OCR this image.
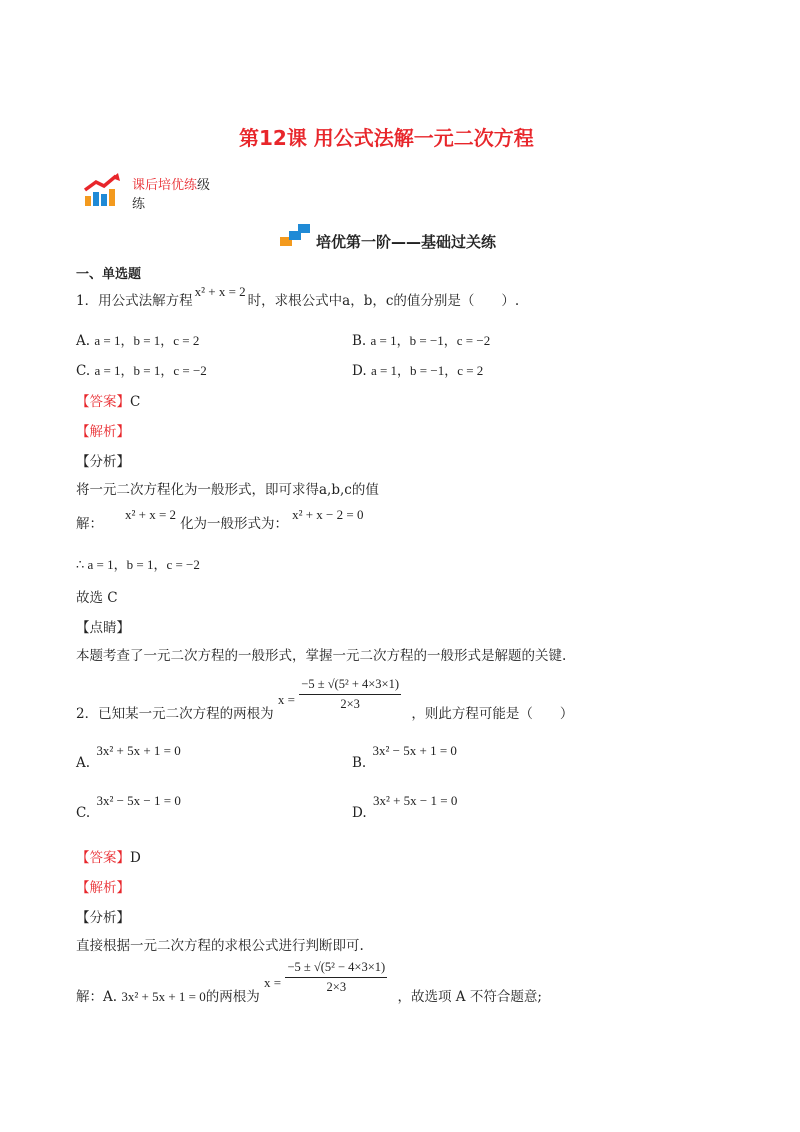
第12课 用公式法解一元二次方程
课后培优练级
练
培优第一阶——基础过关练
一、单选题
1．用公式法解方程x² + x = 2时，求根公式中a，b，c的值分别是（　　）.
A. a = 1，b = 1，c = 2	B. a = 1，b = −1，c = −2
C. a = 1，b = 1，c = −2	D. a = 1，b = −1，c = 2
【答案】C
【解析】
【分析】
将一元二次方程化为一般形式，即可求得a,b,c的值
解：x² + x = 2化为一般形式为：x² + x − 2 = 0
∴ a = 1，b = 1，c = −2
故选 C
【点睛】
本题考查了一元二次方程的一般形式，掌握一元二次方程的一般形式是解题的关键.
2．已知某一元二次方程的两根为 $x = \frac{\text{−5 ± √(5² + 4×3×1)}}{2\times 3}$
，则此方程可能是（　　）
A. 3x² + 5x + 1 = 0
B. 3x² − 5x + 1 = 0
C. 3x² − 5x − 1 = 0
D. 3x² + 5x − 1 = 0
【答案】D
【解析】
【分析】
直接根据一元二次方程的求根公式进行判断即可.
解：A. 3x² + 5x + 1 = 0的两根为 $x = \frac{\text{−5 ± √(5² − 4×3×1)}}{2\times 3}$
，故选项 A 不符合题意;
